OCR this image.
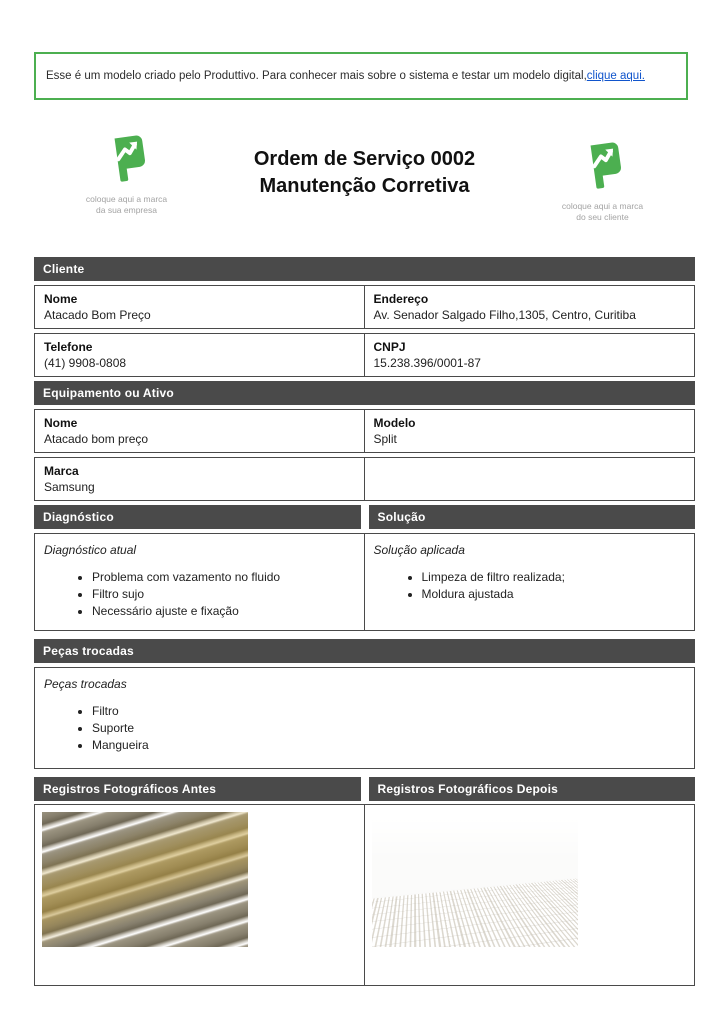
Esse é um modelo criado pelo Produttivo. Para conhecer mais sobre o sistema e testar um modelo digital, clique aqui.
coloque aqui a marca
da sua empresa
Ordem de Serviço 0002
Manutenção Corretiva
coloque aqui a marca
do seu cliente
Cliente
Nome
Atacado Bom Preço
Endereço
Av. Senador Salgado Filho,1305, Centro, Curitiba
Telefone
(41) 9908-0808
CNPJ
15.238.396/0001-87
Equipamento ou Ativo
Nome
Atacado bom preço
Modelo
Split
Marca
Samsung
Diagnóstico	Solução
Diagnóstico atual
• Problema com vazamento no fluido
• Filtro sujo
• Necessário ajuste e fixação
Solução aplicada
• Limpeza de filtro realizada;
• Moldura ajustada
Peças trocadas
Peças trocadas
• Filtro
• Suporte
• Mangueira
Registros Fotográficos Antes	Registros Fotográficos Depois
